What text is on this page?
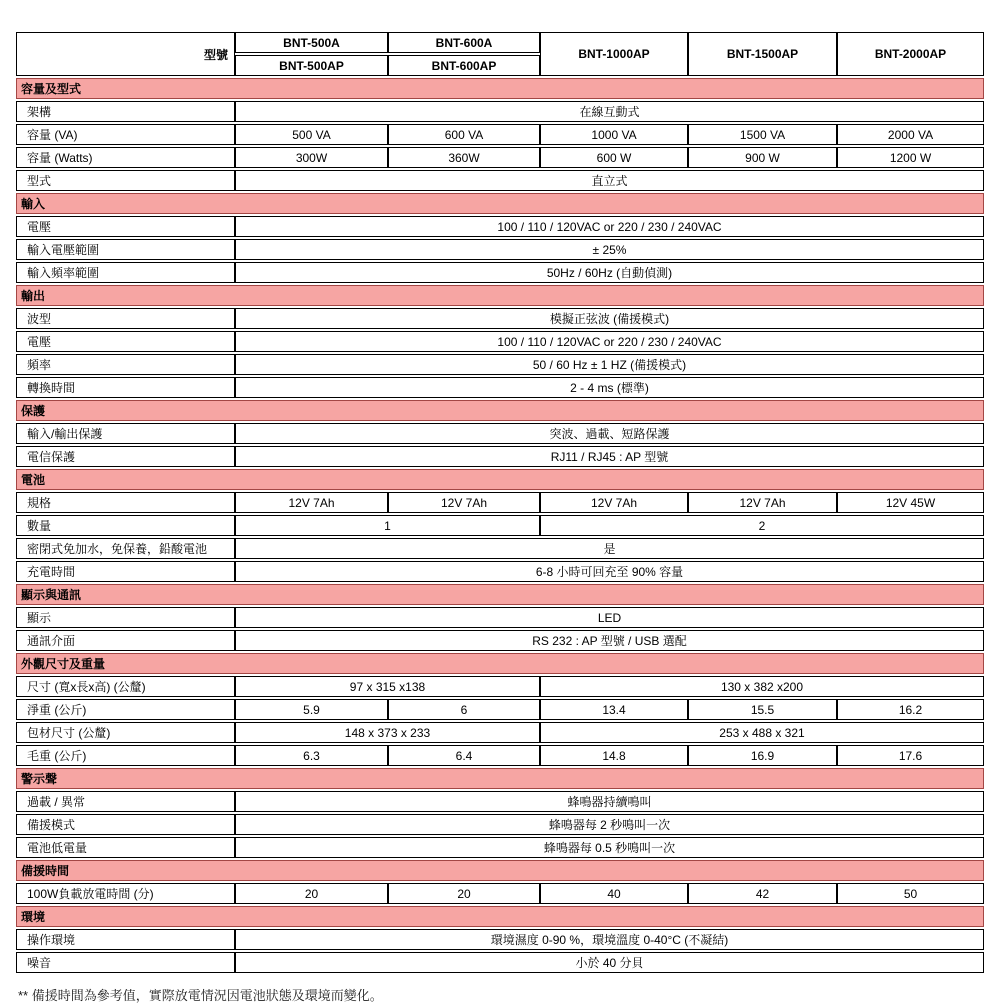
型號	BNT-500A	BNT-600A	BNT-1000AP	BNT-1500AP	BNT-2000AP
	BNT-500AP	BNT-600AP			
容量及型式					
架構	在線互動式				
容量 (VA)	500 VA	600 VA	1000 VA	1500 VA	2000 VA
容量 (Watts)	300W	360W	600 W	900 W	1200 W
型式	直立式				
輸入					
電壓	100 / 110 / 120VAC or 220 / 230 / 240VAC				
輸入電壓範圍	± 25%				
輸入頻率範圍	50Hz / 60Hz (自動偵測)				
輸出					
波型	模擬正弦波 (備援模式)				
電壓	100 / 110 / 120VAC or 220 / 230 / 240VAC				
頻率	50 / 60 Hz ± 1 HZ (備援模式)				
轉換時間	2 - 4 ms (標準)				
保護					
輸入/輸出保護	突波、過載、短路保護				
電信保護	RJ11 / RJ45 : AP 型號				
電池					
規格	12V 7Ah	12V 7Ah	12V 7Ah	12V 7Ah	12V 45W
數量	1		2		
密閉式免加水，免保養，鉛酸電池	是				
充電時間	6-8 小時可回充至 90% 容量				
顯示與通訊					
顯示	LED				
通訊介面	RS 232 : AP 型號 / USB 選配				
外觀尺寸及重量					
尺寸 (寬x長x高) (公釐)	97 x 315 x138		130 x 382 x200		
淨重 (公斤)	5.9	6	13.4	15.5	16.2
包材尺寸 (公釐)	148 x 373 x 233		253 x 488 x 321		
毛重 (公斤)	6.3	6.4	14.8	16.9	17.6
警示聲					
過載 / 異常	蜂鳴器持續鳴叫				
備援模式	蜂鳴器每 2 秒鳴叫一次				
電池低電量	蜂鳴器每 0.5 秒鳴叫一次				
備援時間					
100W負載放電時間 (分)	20	20	40	42	50
環境					
操作環境	環境濕度 0-90 %，環境溫度 0-40°C (不凝結)				
噪音	小於 40 分貝				
** 備援時間為參考值，實際放電情況因電池狀態及環境而變化。
